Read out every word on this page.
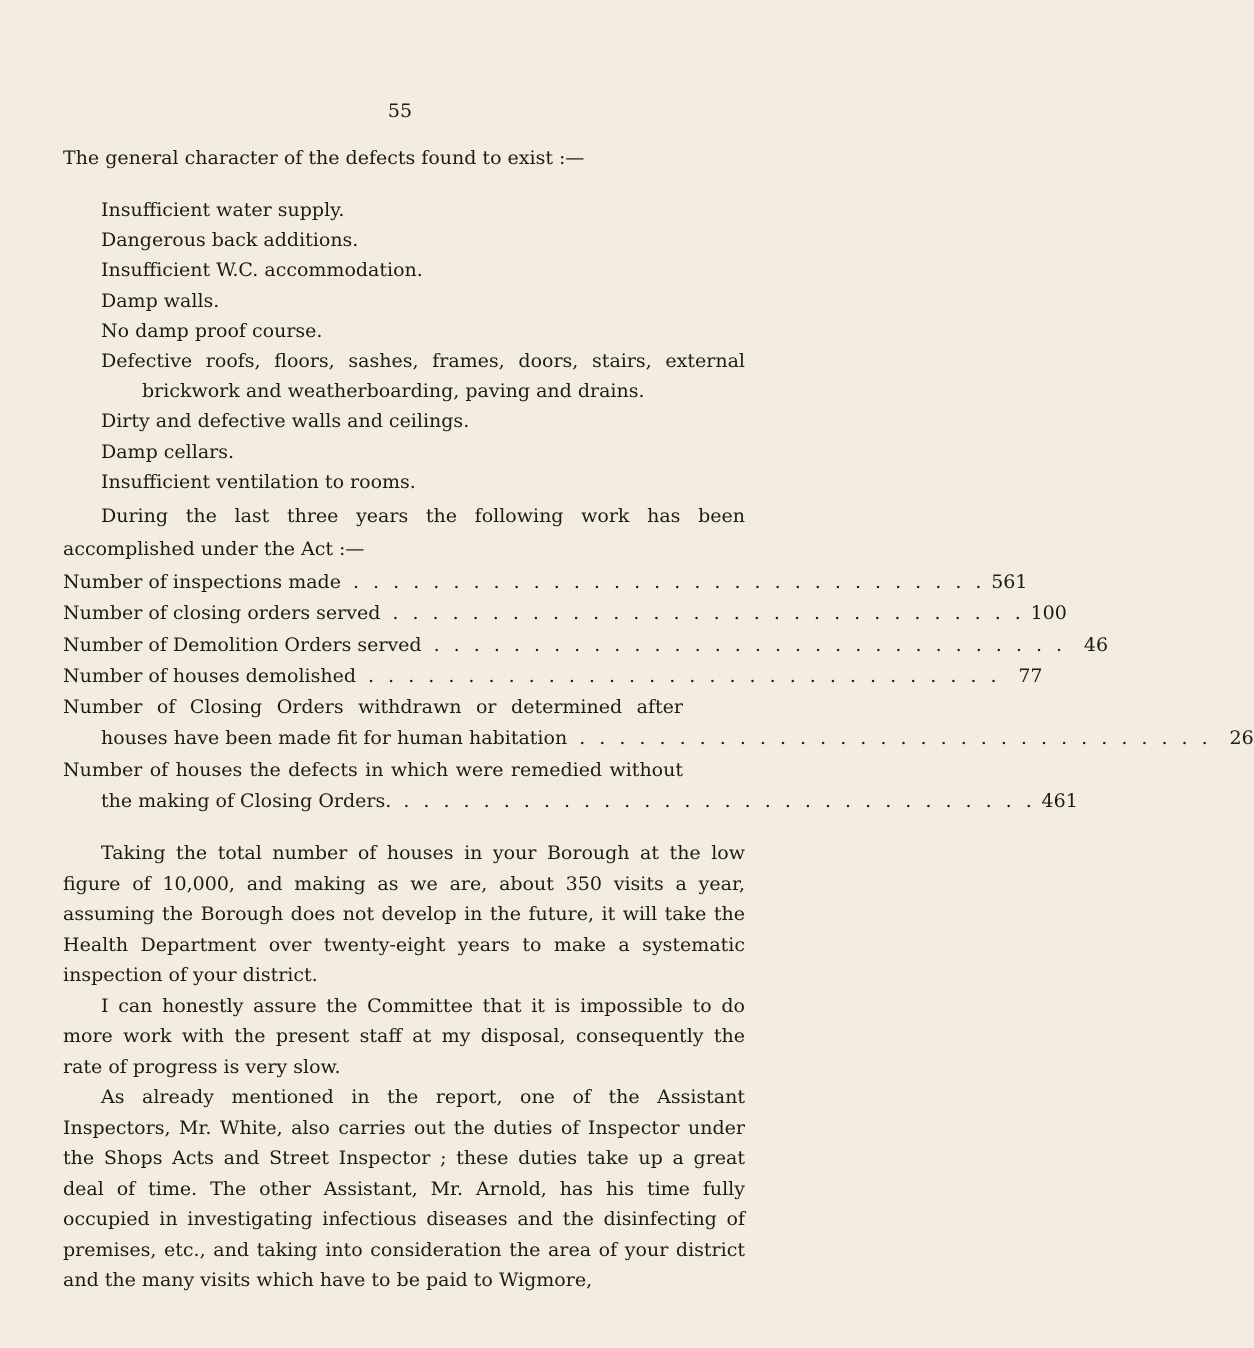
55
The general character of the defects found to exist :—
Insufficient water supply.
Dangerous back additions.
Insufficient W.C. accommodation.
Damp walls.
No damp proof course.
Defective roofs, floors, sashes, frames, doors, stairs, external brickwork and weatherboarding, paving and drains.
Dirty and defective walls and ceilings.
Damp cellars.
Insufficient ventilation to rooms.
During the last three years the following work has been accomplished under the Act :—
Number of inspections made . . . . . . . . . . . . . . . . . . . . . . . . . . . . . . . . 561
Number of closing orders served . . . . . . . . . . . . . . . . . . . . . . . . . . . . . . . . 100
Number of Demolition Orders served . . . . . . . . . . . . . . . . . . . . . . . . . . . . . . . . 46
Number of houses demolished . . . . . . . . . . . . . . . . . . . . . . . . . . . . . . . . 77
Number of Closing Orders withdrawn or determined after
houses have been made fit for human habitation . . . . . . . . . . . . . . . . . . . . . . . . . . . . . . . . 26
Number of houses the defects in which were remedied without
the making of Closing Orders. . . . . . . . . . . . . . . . . . . . . . . . . . . . . . . . . 461

Taking the total number of houses in your Borough at the low figure of 10,000, and making as we are, about 350 visits a year, assuming the Borough does not develop in the future, it will take the Health Department over twenty-eight years to make a systematic inspection of your district.

I can honestly assure the Committee that it is impossible to do more work with the present staff at my disposal, consequently the rate of progress is very slow.

As already mentioned in the report, one of the Assistant Inspectors, Mr. White, also carries out the duties of Inspector under the Shops Acts and Street Inspector ; these duties take up a great deal of time. The other Assistant, Mr. Arnold, has his time fully occupied in investigating infectious diseases and the disinfecting of premises, etc., and taking into consideration the area of your district and the many visits which have to be paid to Wigmore,
